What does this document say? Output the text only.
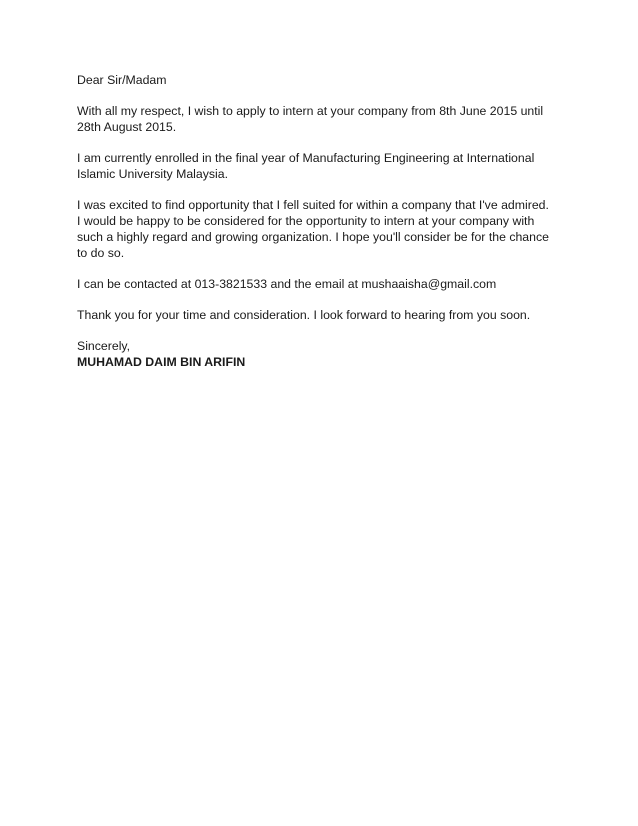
Dear Sir/Madam

With all my respect, I wish to apply to intern at your company from 8th June 2015 until
28th August 2015.

I am currently enrolled in the final year of Manufacturing Engineering at International
Islamic University Malaysia.

I was excited to find opportunity that I fell suited for within a company that I've admired.
I would be happy to be considered for the opportunity to intern at your company with
such a highly regard and growing organization. I hope you'll consider be for the chance
to do so.

I can be contacted at 013-3821533 and the email at mushaaisha@gmail.com

Thank you for your time and consideration. I look forward to hearing from you soon.

Sincerely,
MUHAMAD DAIM BIN ARIFIN
